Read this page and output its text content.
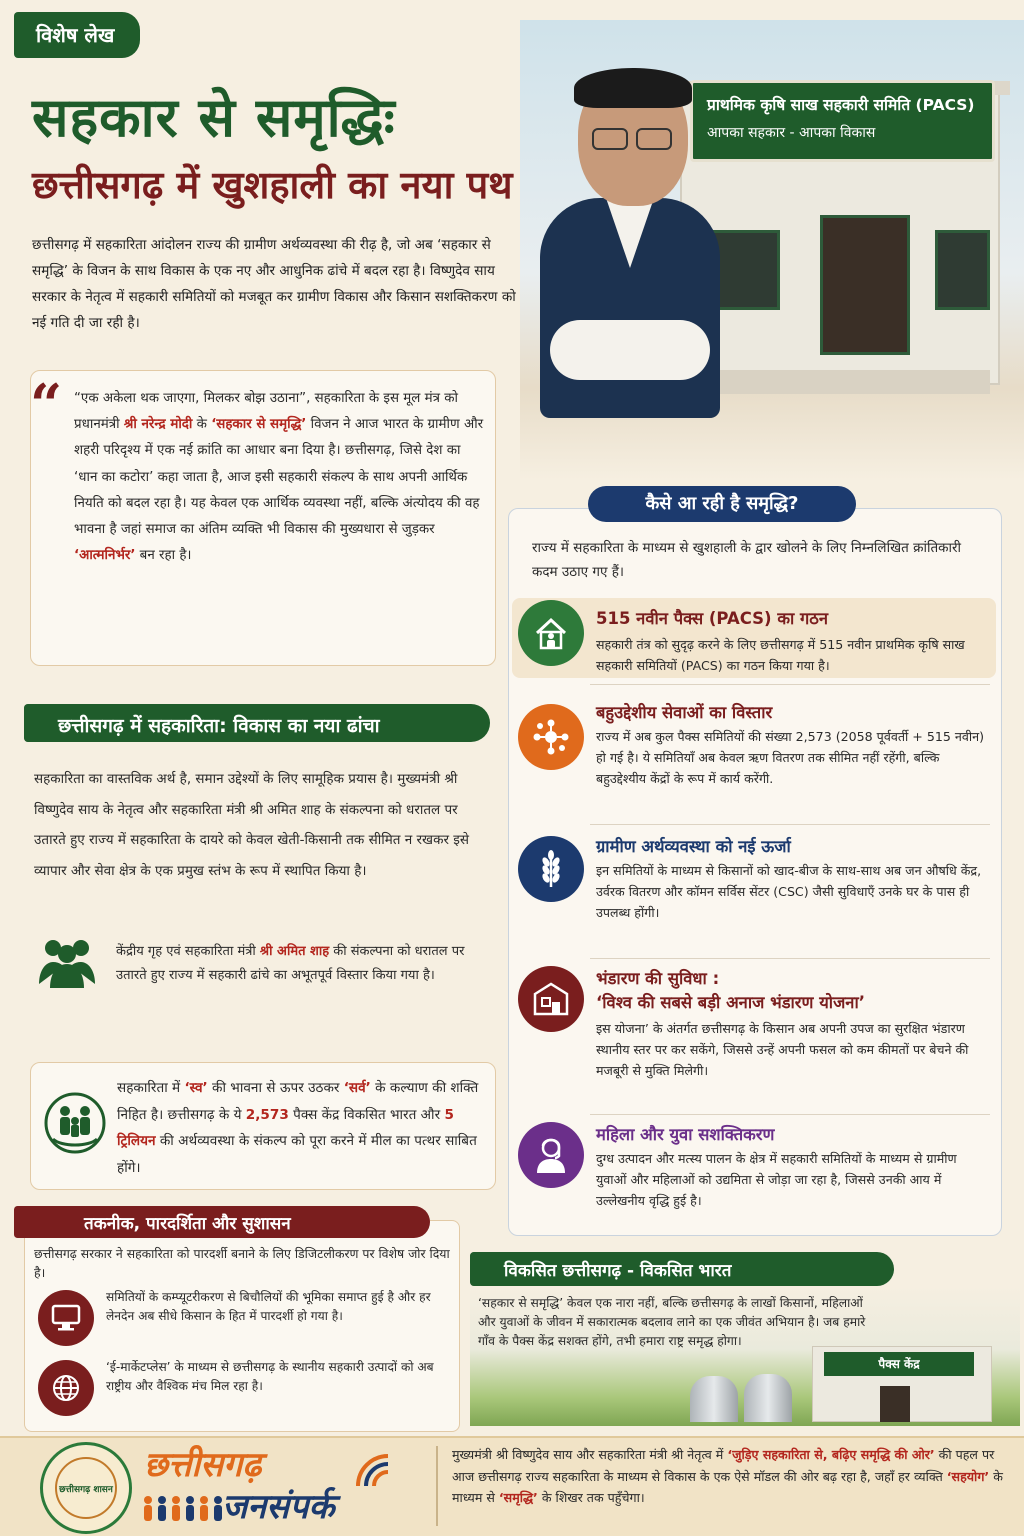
विशेष लेख
सहकार से समृद्धिः
छत्तीसगढ़ में खुशहाली का नया पथ
छत्तीसगढ़ में सहकारिता आंदोलन राज्य की ग्रामीण अर्थव्यवस्था की रीढ़ है, जो अब ‘सहकार से समृद्धि’ के विजन के साथ विकास के एक नए और आधुनिक ढांचे में बदल रहा है। विष्णुदेव साय सरकार के नेतृत्व में सहकारी समितियों को मजबूत कर ग्रामीण विकास और किसान सशक्तिकरण को नई गति दी जा रही है।
प्राथमिक कृषि साख सहकारी समिति (PACS)
आपका सहकार - आपका विकास
“ “एक अकेला थक जाएगा, मिलकर बोझ उठाना”, सहकारिता के इस मूल मंत्र को प्रधानमंत्री श्री नरेन्द्र मोदी के ‘सहकार से समृद्धि’ विजन ने आज भारत के ग्रामीण और शहरी परिदृश्य में एक नई क्रांति का आधार बना दिया है। छत्तीसगढ़, जिसे देश का ‘धान का कटोरा’ कहा जाता है, आज इसी सहकारी संकल्प के साथ अपनी आर्थिक नियति को बदल रहा है। यह केवल एक आर्थिक व्यवस्था नहीं, बल्कि अंत्योदय की वह भावना है जहां समाज का अंतिम व्यक्ति भी विकास की मुख्यधारा से जुड़कर ‘आत्मनिर्भर’ बन रहा है।
छत्तीसगढ़ में सहकारिता: विकास का नया ढांचा
सहकारिता का वास्तविक अर्थ है, समान उद्देश्यों के लिए सामूहिक प्रयास है। मुख्यमंत्री श्री विष्णुदेव साय के नेतृत्व और सहकारिता मंत्री श्री अमित शाह के संकल्पना को धरातल पर उतारते हुए राज्य में सहकारिता के दायरे को केवल खेती-किसानी तक सीमित न रखकर इसे व्यापार और सेवा क्षेत्र के एक प्रमुख स्तंभ के रूप में स्थापित किया है।
केंद्रीय गृह एवं सहकारिता मंत्री श्री अमित शाह की संकल्पना को धरातल पर उतारते हुए राज्य में सहकारी ढांचे का अभूतपूर्व विस्तार किया गया है।
सहकारिता में ‘स्व’ की भावना से ऊपर उठकर ‘सर्व’ के कल्याण की शक्ति निहित है। छत्तीसगढ़ के ये 2,573 पैक्स केंद्र विकसित भारत और 5 ट्रिलियन की अर्थव्यवस्था के संकल्प को पूरा करने में मील का पत्थर साबित होंगे।
तकनीक, पारदर्शिता और सुशासन
छत्तीसगढ़ सरकार ने सहकारिता को पारदर्शी बनाने के लिए डिजिटलीकरण पर विशेष जोर दिया है।
समितियों के कम्प्यूटरीकरण से बिचौलियों की भूमिका समाप्त हुई है और हर लेनदेन अब सीधे किसान के हित में पारदर्शी हो गया है।
‘ई-मार्केटप्लेस’ के माध्यम से छत्तीसगढ़ के स्थानीय सहकारी उत्पादों को अब राष्ट्रीय और वैश्विक मंच मिल रहा है।
कैसे आ रही है समृद्धि?
राज्य में सहकारिता के माध्यम से खुशहाली के द्वार खोलने के लिए निम्नलिखित क्रांतिकारी कदम उठाए गए हैं।
515 नवीन पैक्स (PACS) का गठन
सहकारी तंत्र को सुदृढ़ करने के लिए छत्तीसगढ़ में 515 नवीन प्राथमिक कृषि साख सहकारी समितियों (PACS) का गठन किया गया है।
बहुउद्देशीय सेवाओं का विस्तार
राज्य में अब कुल पैक्स समितियों की संख्या 2,573 (2058 पूर्ववर्ती + 515 नवीन) हो गई है। ये समितियाँ अब केवल ऋण वितरण तक सीमित नहीं रहेंगी, बल्कि बहुउद्देश्यीय केंद्रों के रूप में कार्य करेंगी.
ग्रामीण अर्थव्यवस्था को नई ऊर्जा
इन समितियों के माध्यम से किसानों को खाद-बीज के साथ-साथ अब जन औषधि केंद्र, उर्वरक वितरण और कॉमन सर्विस सेंटर (CSC) जैसी सुविधाएँ उनके घर के पास ही उपलब्ध होंगी।
भंडारण की सुविधा :
‘विश्व की सबसे बड़ी अनाज भंडारण योजना’
इस योजना’ के अंतर्गत छत्तीसगढ़ के किसान अब अपनी उपज का सुरक्षित भंडारण स्थानीय स्तर पर कर सकेंगे, जिससे उन्हें अपनी फसल को कम कीमतों पर बेचने की मजबूरी से मुक्ति मिलेगी।
महिला और युवा सशक्तिकरण
दुग्ध उत्पादन और मत्स्य पालन के क्षेत्र में सहकारी समितियों के माध्यम से ग्रामीण युवाओं और महिलाओं को उद्यमिता से जोड़ा जा रहा है, जिससे उनकी आय में उल्लेखनीय वृद्धि हुई है।
विकसित छत्तीसगढ़ - विकसित भारत
‘सहकार से समृद्धि’ केवल एक नारा नहीं, बल्कि छत्तीसगढ़ के लाखों किसानों, महिलाओं और युवाओं के जीवन में सकारात्मक बदलाव लाने का एक जीवंत अभियान है। जब हमारे गाँव के पैक्स केंद्र सशक्त होंगे, तभी हमारा राष्ट्र समृद्ध होगा।
पैक्स केंद्र
छत्तीसगढ़ शासन
छत्तीसगढ़
जनसंपर्क
मुख्यमंत्री श्री विष्णुदेव साय और सहकारिता मंत्री श्री नेतृत्व में ‘जुड़िए सहकारिता से, बढ़िए समृद्धि की ओर’ की पहल पर आज छत्तीसगढ़ राज्य सहकारिता के माध्यम से विकास के एक ऐसे मॉडल की ओर बढ़ रहा है, जहाँ हर व्यक्ति ‘सहयोग’ के माध्यम से ‘समृद्धि’ के शिखर तक पहुँचेगा।
